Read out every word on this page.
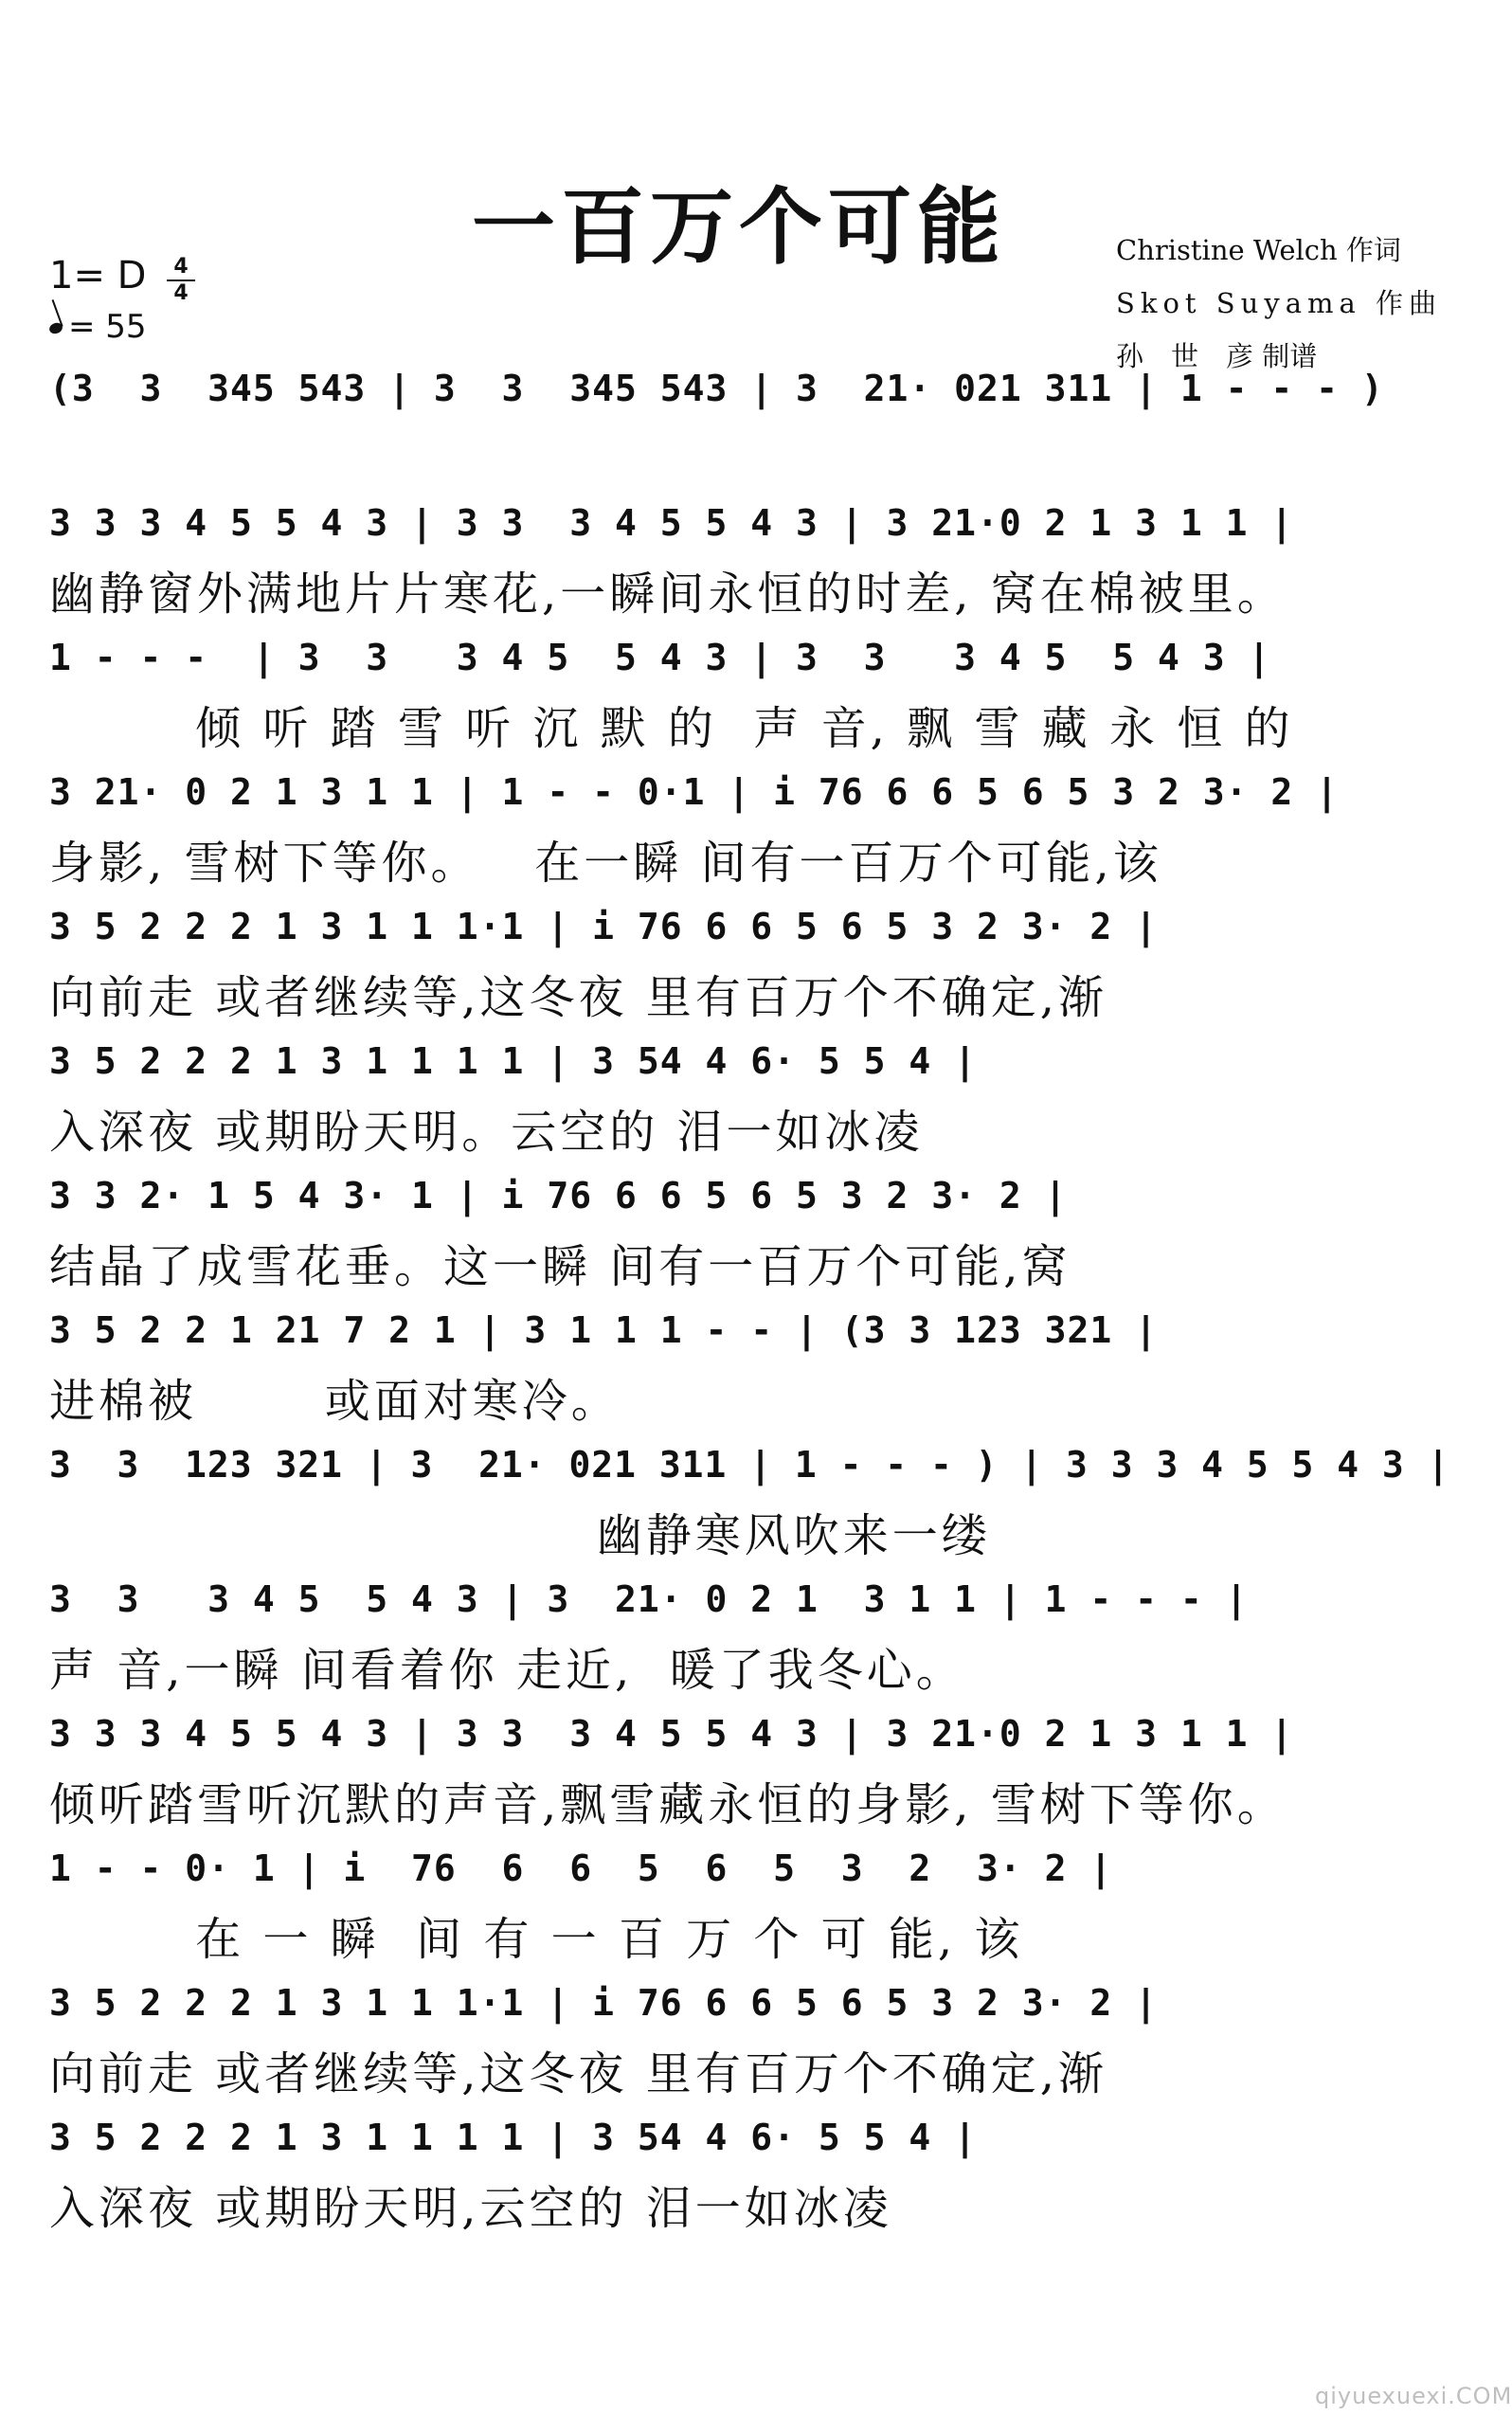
一百万个可能	Christine Welch 作词
Skot Suyama 作曲
孙　世　彦 制谱
1= D	4
4
= 55
(3  3  345 543 | 3  3  345 543 | 3  21· 021 311 | 1 - - - )
3 3 3 4 5 5 4 3 | 3 3  3 4 5 5 4 3 | 3 21·0 2 1 3 1 1 |
幽静窗外满地片片寒花,一瞬间永恒的时差, 窝在棉被里。
1 - - -  | 3  3   3 4 5  5 4 3 | 3  3   3 4 5  5 4 3 |
倾 听 踏 雪 听 沉 默 的  声 音, 飘 雪 藏 永 恒 的
3 21· 0 2 1 3 1 1 | 1 - - 0·1 | i 76 6 6 5 6 5 3 2 3· 2 |
身影, 雪树下等你。   在一瞬 间有一百万个可能,该
3 5 2 2 2 1 3 1 1 1·1 | i 76 6 6 5 6 5 3 2 3· 2 |
向前走 或者继续等,这冬夜 里有百万个不确定,渐
3 5 2 2 2 1 3 1 1 1 1 | 3 54 4 6· 5 5 4 |
入深夜 或期盼天明。云空的 泪一如冰凌
3 3 2· 1 5 4 3· 1 | i 76 6 6 5 6 5 3 2 3· 2 |
结晶了成雪花垂。这一瞬 间有一百万个可能,窝
3 5 2 2 1 21 7 2 1 | 3 1 1 1 - - | (3 3 123 321 |
进棉被       或面对寒冷。
3  3  123 321 | 3  21· 021 311 | 1 - - - ) | 3 3 3 4 5 5 4 3 |
幽静寒风吹来一缕
3  3   3 4 5  5 4 3 | 3  21· 0 2 1  3 1 1 | 1 - - - |
声 音,一瞬 间看着你 走近,  暖了我冬心。
3 3 3 4 5 5 4 3 | 3 3  3 4 5 5 4 3 | 3 21·0 2 1 3 1 1 |
倾听踏雪听沉默的声音,飘雪藏永恒的身影, 雪树下等你。
1 - - 0· 1 | i  76  6  6  5  6  5  3  2  3· 2 |
在 一 瞬  间 有 一 百 万 个 可 能, 该
3 5 2 2 2 1 3 1 1 1·1 | i 76 6 6 5 6 5 3 2 3· 2 |
向前走 或者继续等,这冬夜 里有百万个不确定,渐
3 5 2 2 2 1 3 1 1 1 1 | 3 54 4 6· 5 5 4 |
入深夜 或期盼天明,云空的 泪一如冰凌
qiyuexuexi.COM
